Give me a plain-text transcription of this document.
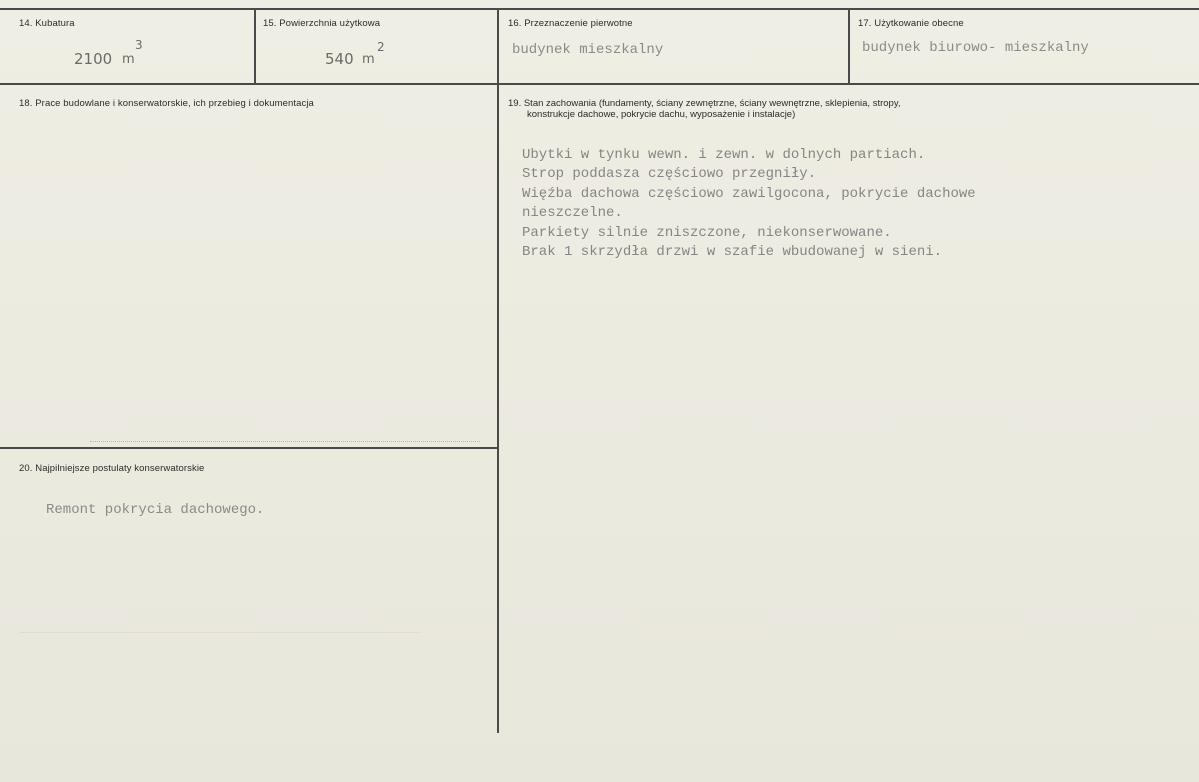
14. Kubatura
2100 m
3
15. Powierzchnia użytkowa
540 m
2
16. Przeznaczenie pierwotne
budynek mieszkalny
17. Użytkowanie obecne
budynek biurowo- mieszkalny
18. Prace budowlane i konserwatorskie, ich przebieg i dokumentacja	19. Stan zachowania (fundamenty, ściany zewnętrzne, ściany wewnętrzne, sklepienia, stropy,
konstrukcje dachowe, pokrycie dachu, wyposażenie i instalacje)

Ubytki w tynku wewn. i zewn. w dolnych partiach.
Strop poddasza częściowo przegniły.
Więźba dachowa częściowo zawilgocona, pokrycie dachowe
nieszczelne.
Parkiety silnie zniszczone, niekonserwowane.
Brak 1 skrzydła drzwi w szafie wbudowanej w sieni.

20. Najpilniejsze postulaty konserwatorskie
Remont pokrycia dachowego.
